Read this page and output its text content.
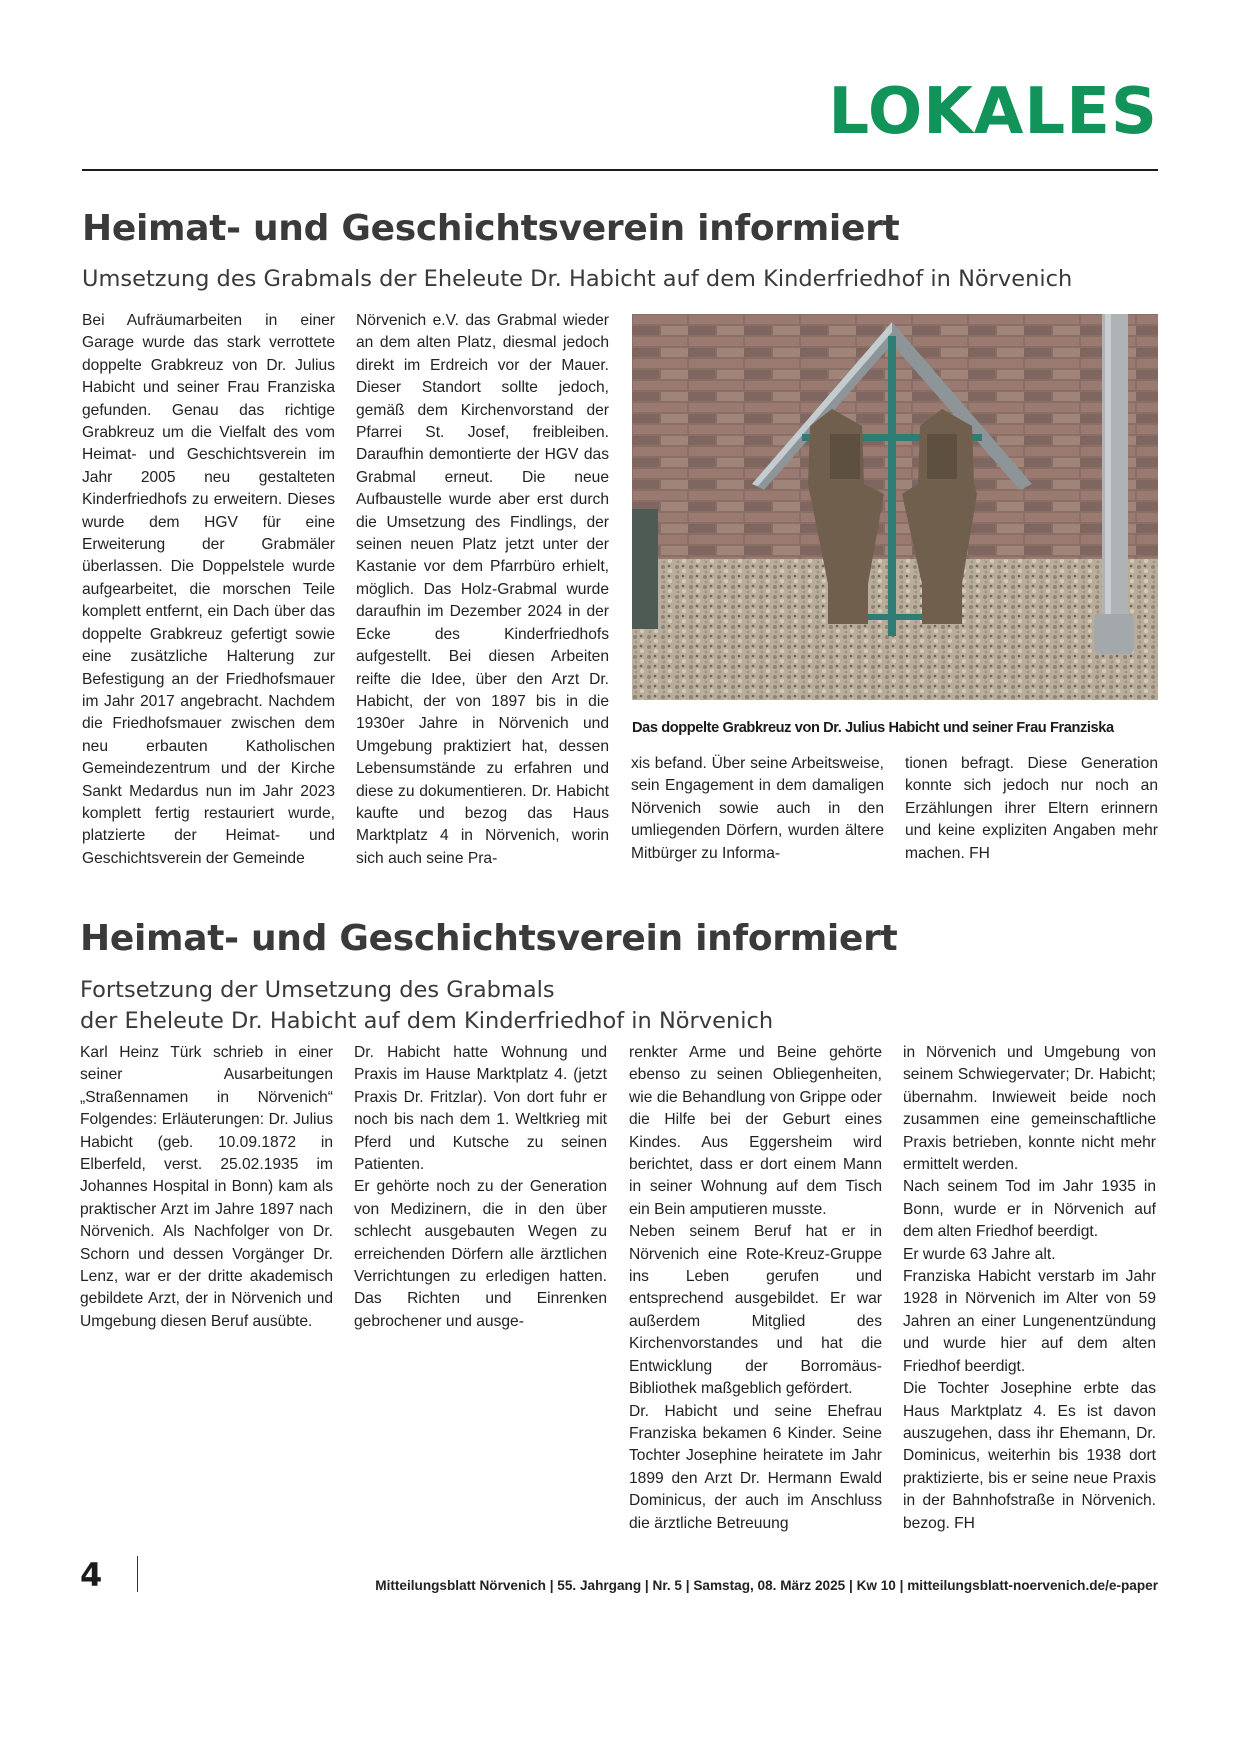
LOKALES
Heimat- und Geschichtsverein informiert
Umsetzung des Grabmals der Eheleute Dr. Habicht auf dem Kinderfriedhof in Nörvenich
Bei Aufräumarbeiten in einer Garage wurde das stark verrottete doppelte Grabkreuz von Dr. Julius Habicht und seiner Frau Franziska gefunden. Genau das richtige Grabkreuz um die Vielfalt des vom Heimat- und Geschichtsverein im Jahr 2005 neu gestalteten Kinderfriedhofs zu erweitern. Dieses wurde dem HGV für eine Erweiterung der Grabmäler überlassen. Die Doppelstele wurde aufgearbeitet, die morschen Teile komplett entfernt, ein Dach über das doppelte Grabkreuz gefertigt sowie eine zusätzliche Halterung zur Befestigung an der Friedhofsmauer im Jahr 2017 angebracht. Nachdem die Friedhofsmauer zwischen dem neu erbauten Katholischen Gemeindezentrum und der Kirche Sankt Medardus nun im Jahr 2023 komplett fertig restauriert wurde, platzierte der Heimat- und Geschichtsverein der Gemeinde
Nörvenich e.V. das Grabmal wieder an dem alten Platz, diesmal jedoch direkt im Erdreich vor der Mauer. Dieser Standort sollte jedoch, gemäß dem Kirchenvorstand der Pfarrei St. Josef, freibleiben. Daraufhin demontierte der HGV das Grabmal erneut. Die neue Aufbaustelle wurde aber erst durch die Umsetzung des Findlings, der seinen neuen Platz jetzt unter der Kastanie vor dem Pfarrbüro erhielt, möglich. Das Holz-Grabmal wurde daraufhin im Dezember 2024 in der Ecke des Kinderfriedhofs aufgestellt. Bei diesen Arbeiten reifte die Idee, über den Arzt Dr. Habicht, der von 1897 bis in die 1930er Jahre in Nörvenich und Umgebung praktiziert hat, dessen Lebensumstände zu erfahren und diese zu dokumentieren. Dr. Habicht kaufte und bezog das Haus Marktplatz 4 in Nörvenich, worin sich auch seine Pra-
Das doppelte Grabkreuz von Dr. Julius Habicht und seiner Frau Franziska
xis befand. Über seine Arbeitsweise, sein Engagement in dem damaligen Nörvenich sowie auch in den umliegenden Dörfern, wurden ältere Mitbürger zu Informa-
tionen befragt. Diese Generation konnte sich jedoch nur noch an Erzählungen ihrer Eltern erinnern und keine expliziten Angaben mehr machen. FH
Heimat- und Geschichtsverein informiert
Fortsetzung der Umsetzung des Grabmals
der Eheleute Dr. Habicht auf dem Kinderfriedhof in Nörvenich
Karl Heinz Türk schrieb in einer seiner Ausarbeitungen „Straßennamen in Nörvenich“ Folgendes: Erläuterungen: Dr. Julius Habicht (geb. 10.09.1872 in Elberfeld, verst. 25.02.1935 im Johannes Hospital in Bonn) kam als praktischer Arzt im Jahre 1897 nach Nörvenich. Als Nachfolger von Dr. Schorn und dessen Vorgänger Dr. Lenz, war er der dritte akademisch gebildete Arzt, der in Nörvenich und Umgebung diesen Beruf ausübte.
Dr. Habicht hatte Wohnung und Praxis im Hause Marktplatz 4. (jetzt Praxis Dr. Fritzlar). Von dort fuhr er noch bis nach dem 1. Weltkrieg mit Pferd und Kutsche zu seinen Patienten.
Er gehörte noch zu der Generation von Medizinern, die in den über schlecht ausgebauten Wegen zu erreichenden Dörfern alle ärztlichen Verrichtungen zu erledigen hatten. Das Richten und Einrenken gebrochener und ausge-
renkter Arme und Beine gehörte ebenso zu seinen Obliegenheiten, wie die Behandlung von Grippe oder die Hilfe bei der Geburt eines Kindes. Aus Eggersheim wird berichtet, dass er dort einem Mann in seiner Wohnung auf dem Tisch ein Bein amputieren musste.
Neben seinem Beruf hat er in Nörvenich eine Rote-Kreuz-Gruppe ins Leben gerufen und entsprechend ausgebildet. Er war außerdem Mitglied des Kirchenvorstandes und hat die Entwicklung der Borromäus-Bibliothek maßgeblich gefördert.
Dr. Habicht und seine Ehefrau Franziska bekamen 6 Kinder. Seine Tochter Josephine heiratete im Jahr 1899 den Arzt Dr. Hermann Ewald Dominicus, der auch im Anschluss die ärztliche Betreuung
in Nörvenich und Umgebung von seinem Schwiegervater; Dr. Habicht; übernahm. Inwieweit beide noch zusammen eine gemeinschaftliche Praxis betrieben, konnte nicht mehr ermittelt werden.
Nach seinem Tod im Jahr 1935 in Bonn, wurde er in Nörvenich auf dem alten Friedhof beerdigt.
Er wurde 63 Jahre alt.
Franziska Habicht verstarb im Jahr 1928 in Nörvenich im Alter von 59 Jahren an einer Lungenentzündung und wurde hier auf dem alten Friedhof beerdigt.
Die Tochter Josephine erbte das Haus Marktplatz 4. Es ist davon auszugehen, dass ihr Ehemann, Dr. Dominicus, weiterhin bis 1938 dort praktizierte, bis er seine neue Praxis in der Bahnhofstraße in Nörvenich. bezog. FH
4	Mitteilungsblatt Nörvenich | 55. Jahrgang | Nr. 5 | Samstag, 08. März 2025 | Kw 10 | mitteilungsblatt-noervenich.de/e-paper
